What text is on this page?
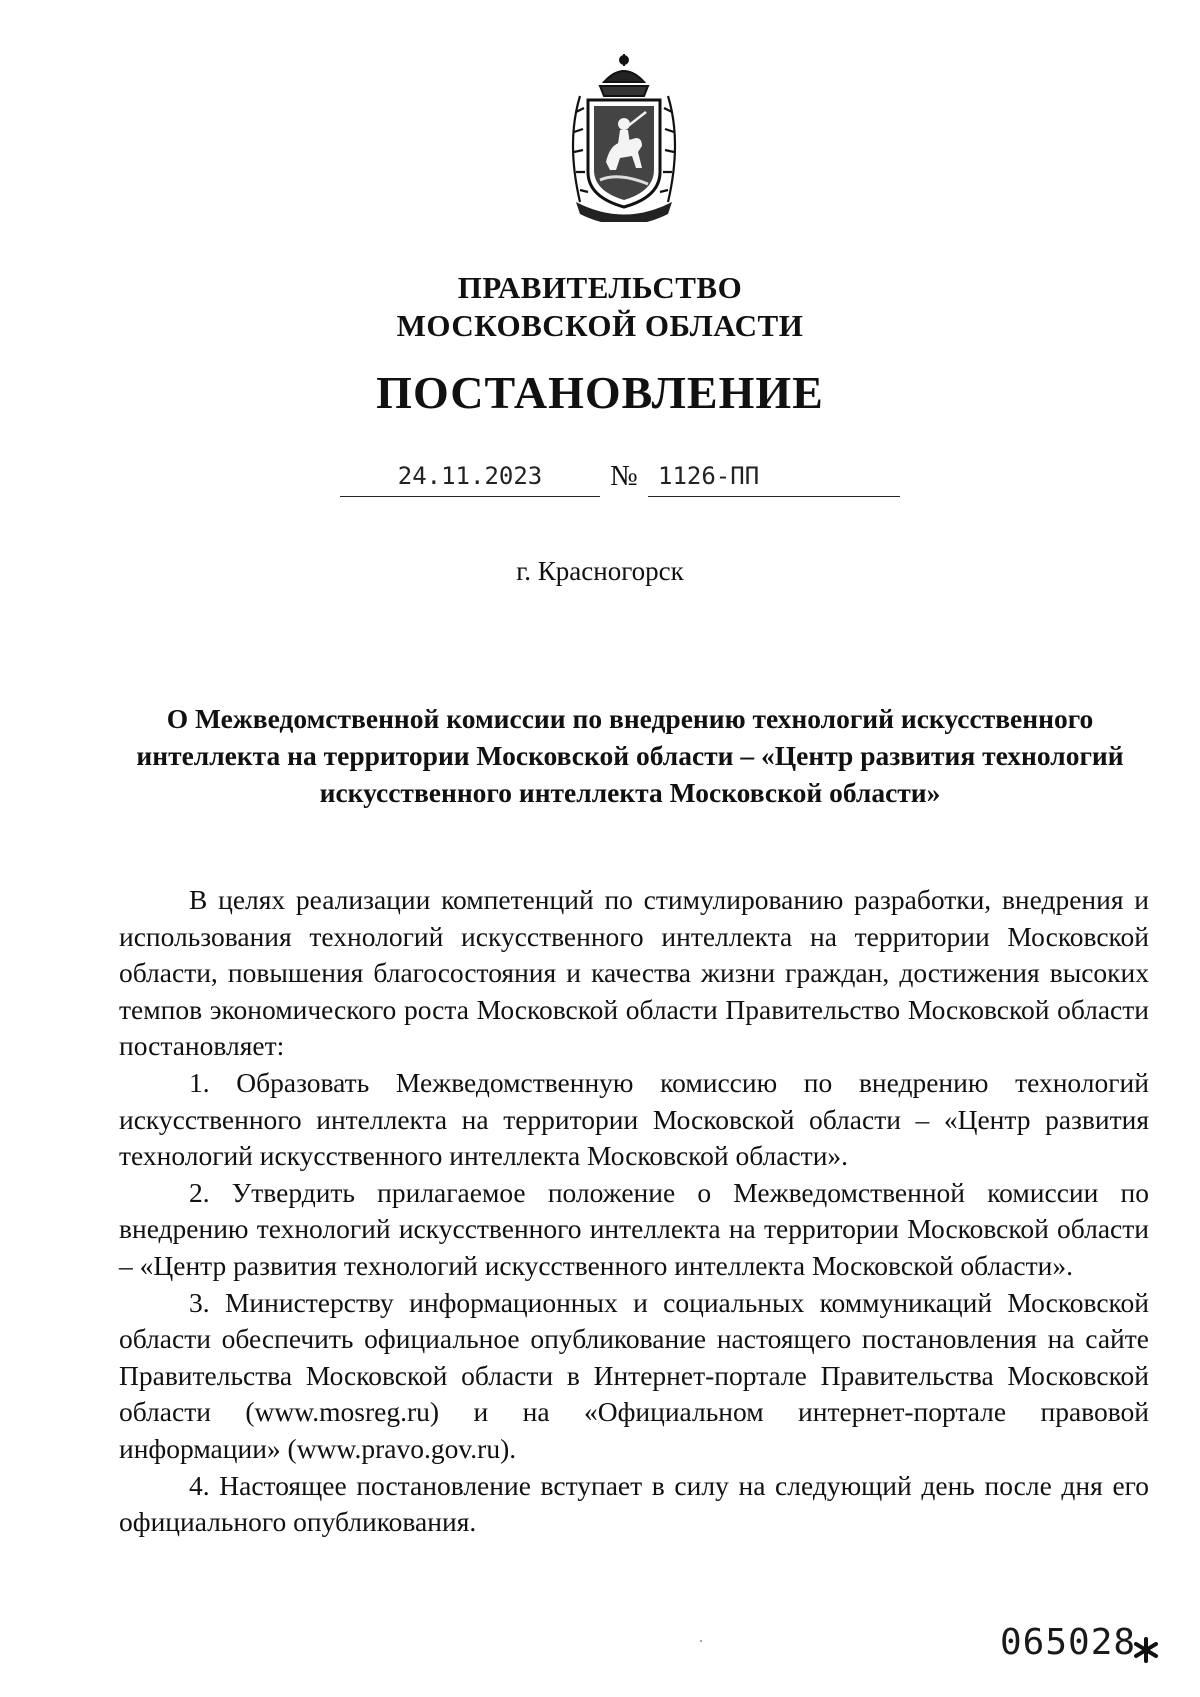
ПРАВИТЕЛЬСТВО
МОСКОВСКОЙ ОБЛАСТИ
ПОСТАНОВЛЕНИЕ
24.11.2023	№ 1126-ПП
г. Красногорск
О Межведомственной комиссии по внедрению технологий искусственного интеллекта на территории Московской области – «Центр развития технологий искусственного интеллекта Московской области»

В целях реализации компетенций по стимулированию разработки, внедрения и использования технологий искусственного интеллекта на территории Московской области, повышения благосостояния и качества жизни граждан, достижения высоких темпов экономического роста Московской области Правительство Московской области постановляет:

1. Образовать Межведомственную комиссию по внедрению технологий искусственного интеллекта на территории Московской области – «Центр развития технологий искусственного интеллекта Московской области».

2. Утвердить прилагаемое положение о Межведомственной комиссии по внедрению технологий искусственного интеллекта на территории Московской области – «Центр развития технологий искусственного интеллекта Московской области».

3. Министерству информационных и социальных коммуникаций Московской области обеспечить официальное опубликование настоящего постановления на сайте Правительства Московской области в Интернет-портале Правительства Московской области (www.mosreg.ru) и на «Официальном интернет-портале правовой информации» (www.pravo.gov.ru).

4. Настоящее постановление вступает в силу на следующий день после дня его официального опубликования.

065028
